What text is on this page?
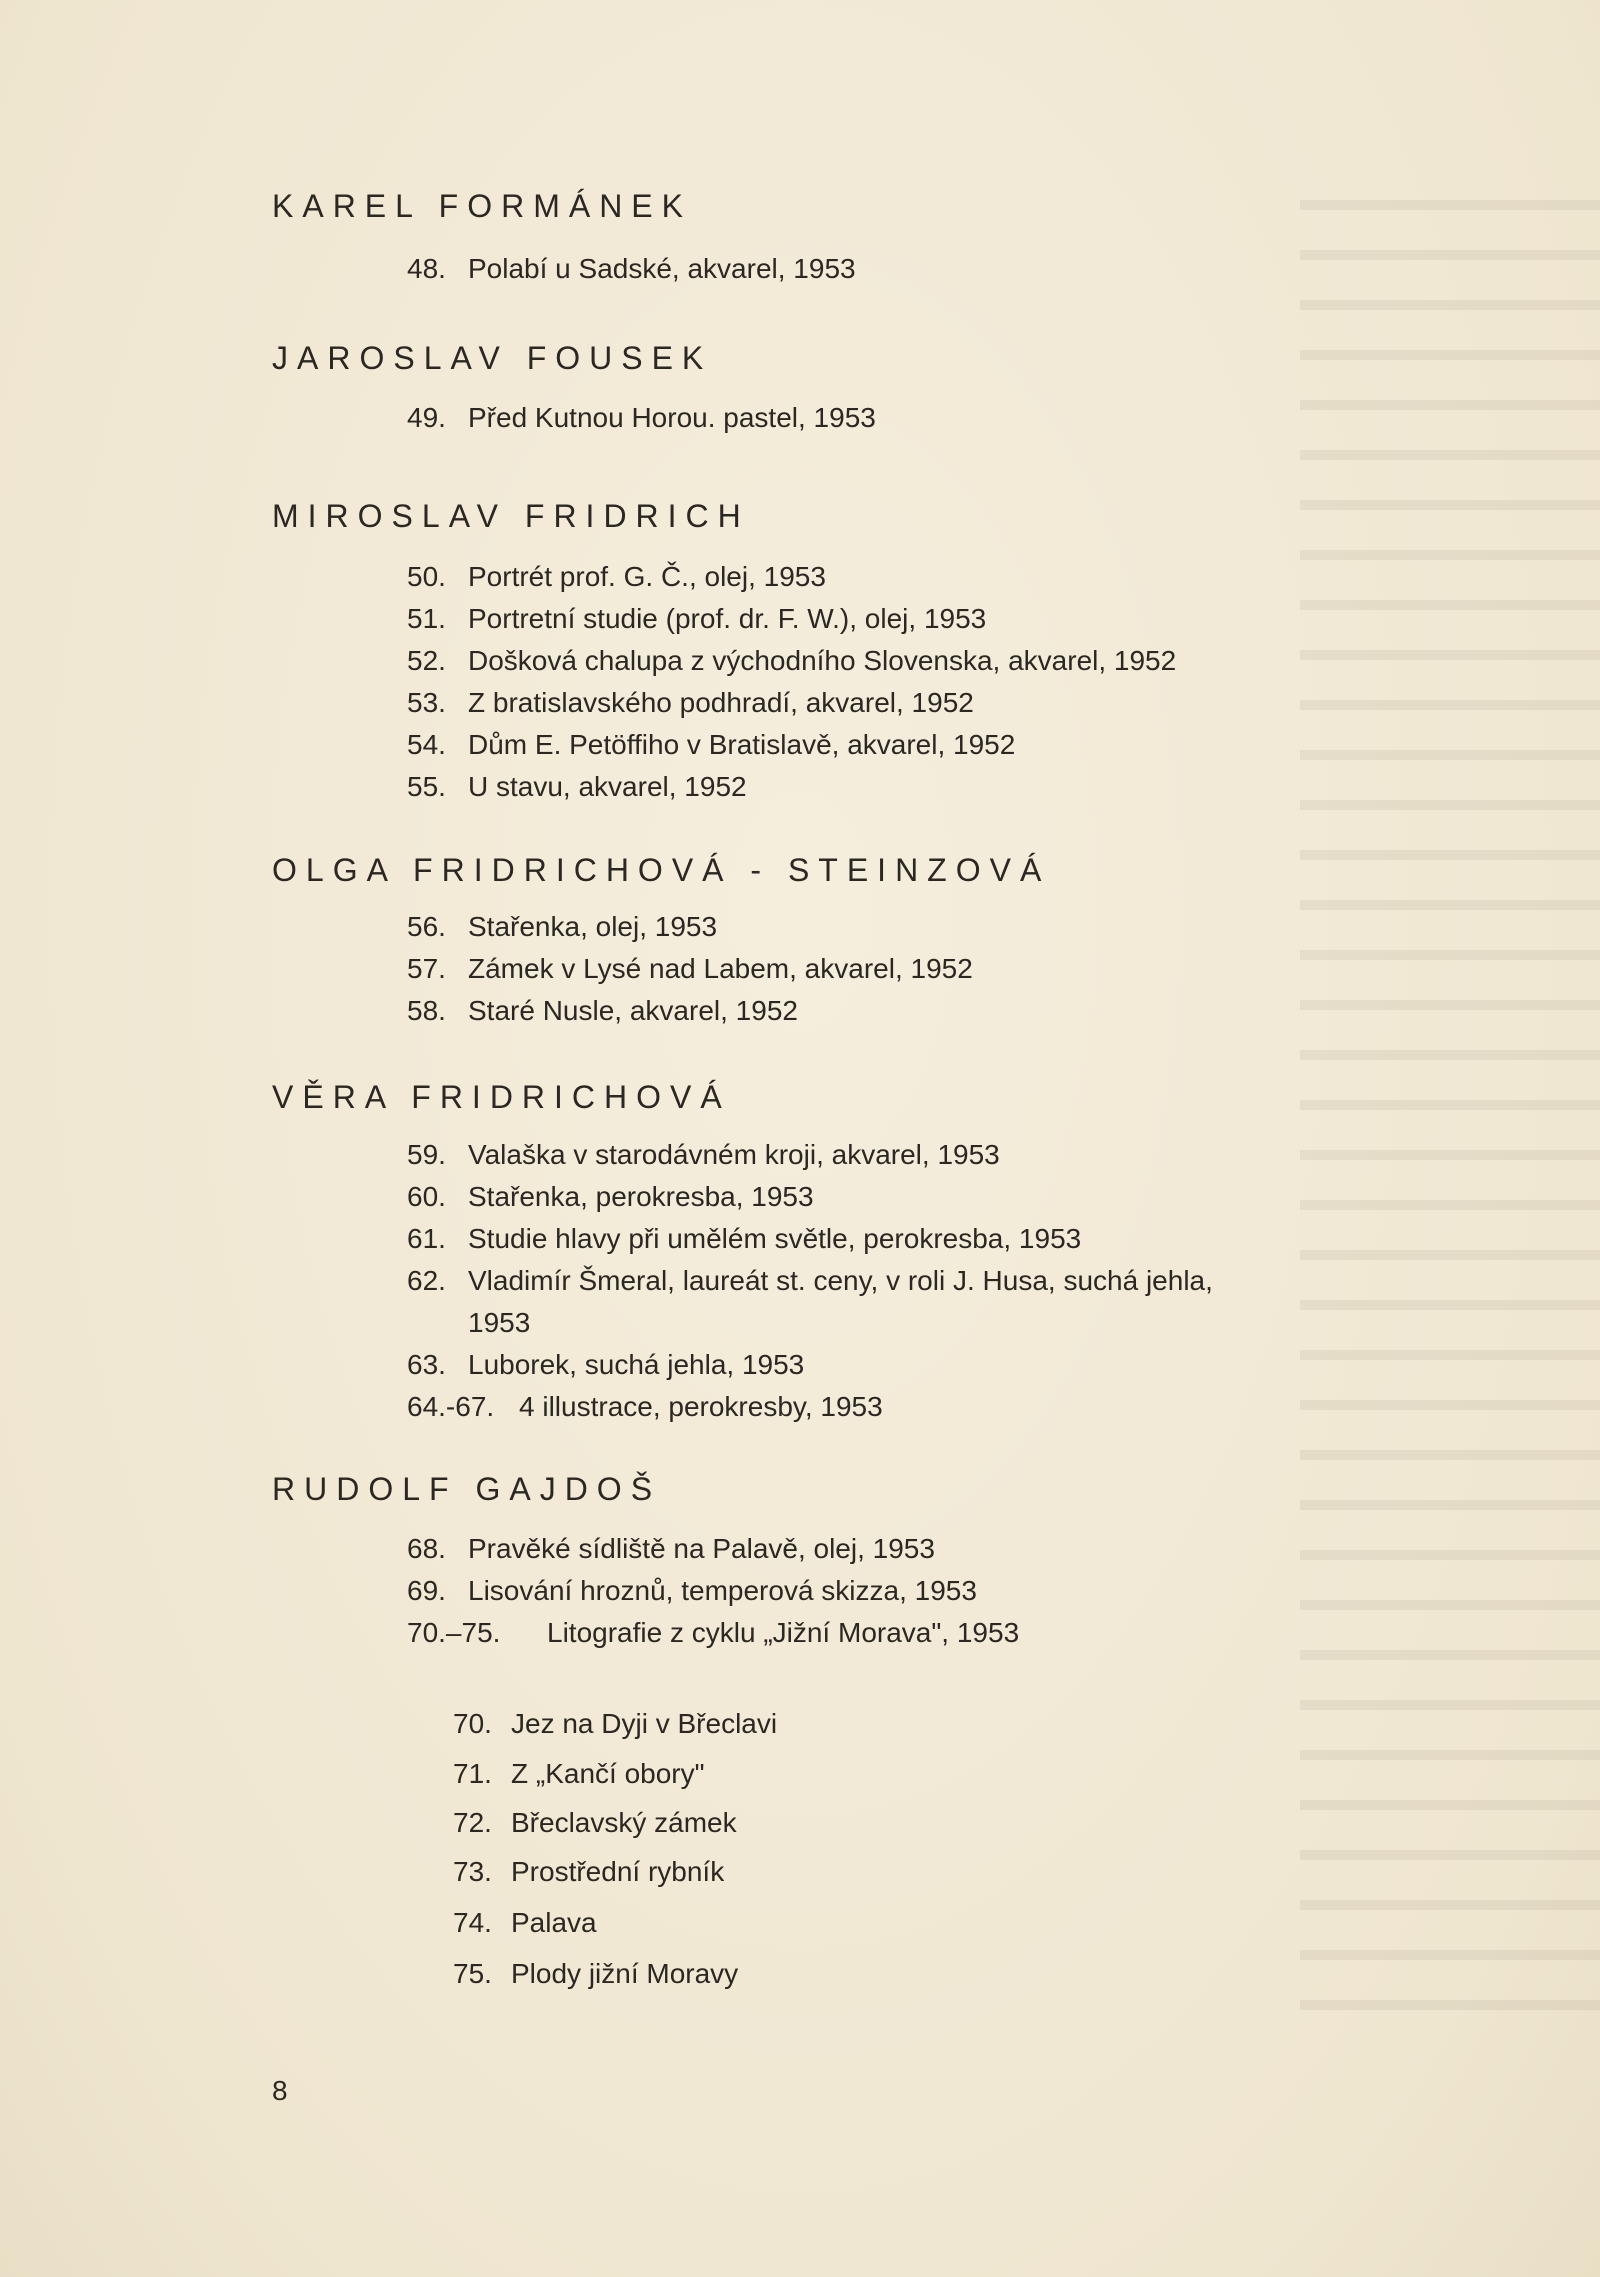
KAREL FORMÁNEK
48. Polabí u Sadské, akvarel, 1953
JAROSLAV FOUSEK
49. Před Kutnou Horou. pastel, 1953
MIROSLAV FRIDRICH
50. Portrét prof. G. Č., olej, 1953
51. Portretní studie (prof. dr. F. W.), olej, 1953
52. Došková chalupa z východního Slovenska, akvarel, 1952
53. Z bratislavského podhradí, akvarel, 1952
54. Dům E. Petöffiho v Bratislavě, akvarel, 1952
55. U stavu, akvarel, 1952
OLGA FRIDRICHOVÁ - STEINZOVÁ
56. Stařenka, olej, 1953
57. Zámek v Lysé nad Labem, akvarel, 1952
58. Staré Nusle, akvarel, 1952
VĚRA FRIDRICHOVÁ
59. Valaška v starodávném kroji, akvarel, 1953
60. Stařenka, perokresba, 1953
61. Studie hlavy při umělém světle, perokresba, 1953
62. Vladimír Šmeral, laureát st. ceny, v roli J. Husa, suchá jehla,
1953
63. Luborek, suchá jehla, 1953
64.-67. 4 illustrace, perokresby, 1953
RUDOLF GAJDOŠ
68. Pravěké sídliště na Palavě, olej, 1953
69. Lisování hroznů, temperová skizza, 1953
70.–75. Litografie z cyklu „Jižní Morava", 1953
70. Jez na Dyji v Břeclavi
71. Z „Kančí obory"
72. Břeclavský zámek
73. Prostřední rybník
74. Palava
75. Plody jižní Moravy
8
